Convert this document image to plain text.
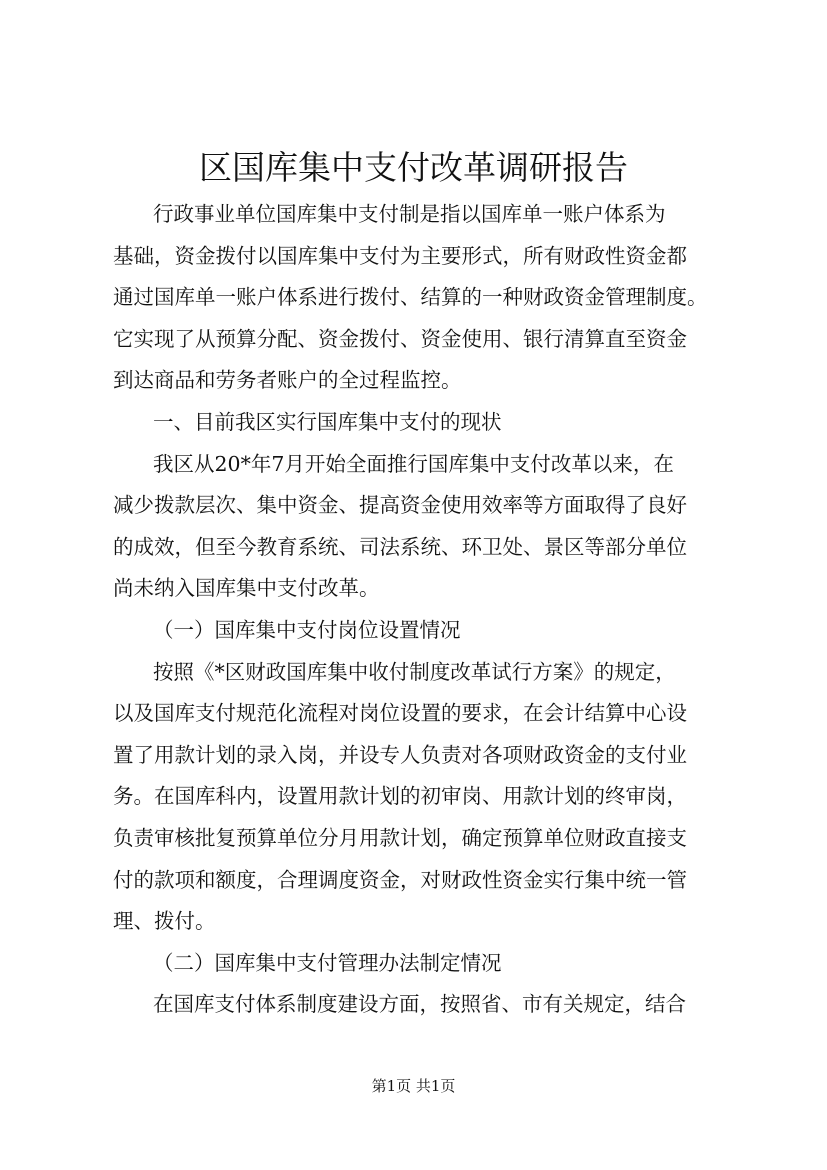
区国库集中支付改革调研报告
行政事业单位国库集中支付制是指以国库单一账户体系为
基础，资金拨付以国库集中支付为主要形式，所有财政性资金都
通过国库单一账户体系进行拨付、结算的一种财政资金管理制度。
它实现了从预算分配、资金拨付、资金使用、银行清算直至资金
到达商品和劳务者账户的全过程监控。
一、目前我区实行国库集中支付的现状
我区从20*年7月开始全面推行国库集中支付改革以来，在
减少拨款层次、集中资金、提高资金使用效率等方面取得了良好
的成效，但至今教育系统、司法系统、环卫处、景区等部分单位
尚未纳入国库集中支付改革。
（一）国库集中支付岗位设置情况
按照《*区财政国库集中收付制度改革试行方案》的规定，
以及国库支付规范化流程对岗位设置的要求，在会计结算中心设
置了用款计划的录入岗，并设专人负责对各项财政资金的支付业
务。在国库科内，设置用款计划的初审岗、用款计划的终审岗，
负责审核批复预算单位分月用款计划，确定预算单位财政直接支
付的款项和额度，合理调度资金，对财政性资金实行集中统一管
理、拨付。
（二）国库集中支付管理办法制定情况
在国库支付体系制度建设方面，按照省、市有关规定，结合
第1页 共1页
